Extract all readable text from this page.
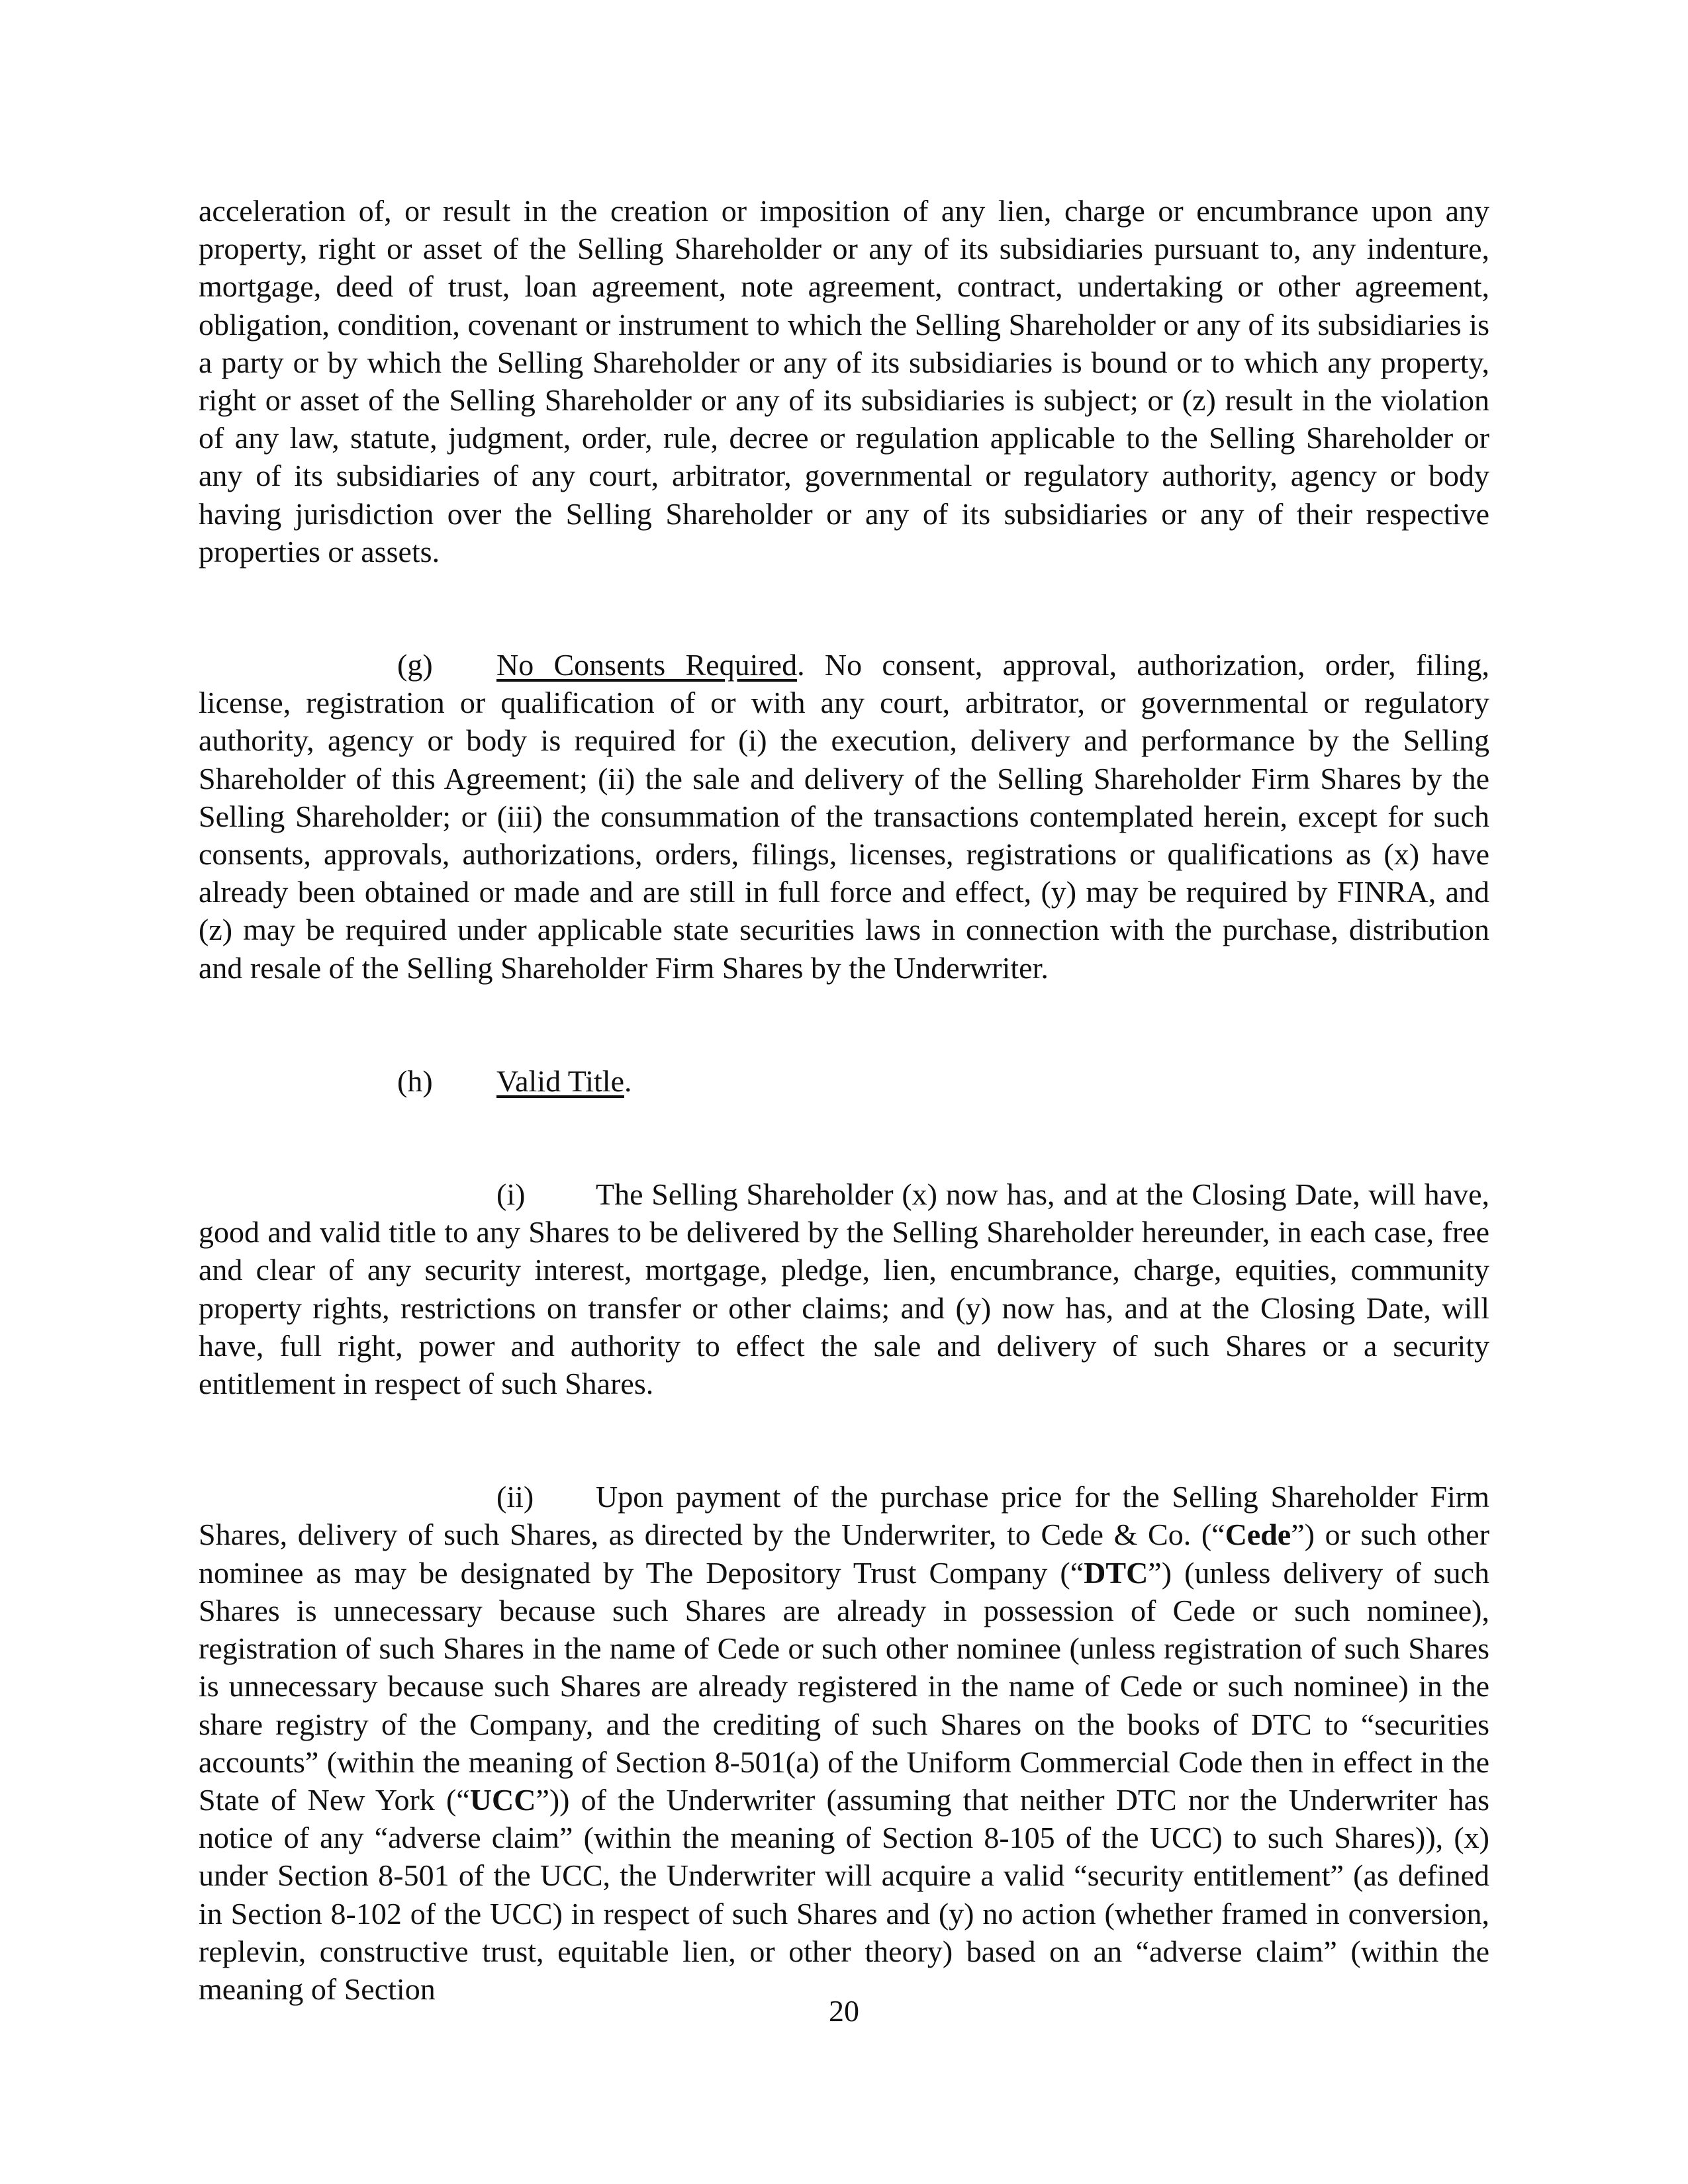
acceleration of, or result in the creation or imposition of any lien, charge or encumbrance upon any property, right or asset of the Selling Shareholder or any of its subsidiaries pursuant to, any indenture, mortgage, deed of trust, loan agreement, note agreement, contract, undertaking or other agreement, obligation, condition, covenant or instrument to which the Selling Shareholder or any of its subsidiaries is a party or by which the Selling Shareholder or any of its subsidiaries is bound or to which any property, right or asset of the Selling Shareholder or any of its subsidiaries is subject; or (z) result in the violation of any law, statute, judgment, order, rule, decree or regulation applicable to the Selling Shareholder or any of its subsidiaries of any court, arbitrator, governmental or regulatory authority, agency or body having jurisdiction over the Selling Shareholder or any of its subsidiaries or any of their respective properties or assets.

(g) No Consents Required. No consent, approval, authorization, order, filing, license, registration or qualification of or with any court, arbitrator, or governmental or regulatory authority, agency or body is required for (i) the execution, delivery and performance by the Selling Shareholder of this Agreement; (ii) the sale and delivery of the Selling Shareholder Firm Shares by the Selling Shareholder; or (iii) the consummation of the transactions contemplated herein, except for such consents, approvals, authorizations, orders, filings, licenses, registrations or qualifications as (x) have already been obtained or made and are still in full force and effect, (y) may be required by FINRA, and (z) may be required under applicable state securities laws in connection with the purchase, distribution and resale of the Selling Shareholder Firm Shares by the Underwriter.

(h) Valid Title.

(i) The Selling Shareholder (x) now has, and at the Closing Date, will have, good and valid title to any Shares to be delivered by the Selling Shareholder hereunder, in each case, free and clear of any security interest, mortgage, pledge, lien, encumbrance, charge, equities, community property rights, restrictions on transfer or other claims; and (y) now has, and at the Closing Date, will have, full right, power and authority to effect the sale and delivery of such Shares or a security entitlement in respect of such Shares.

(ii) Upon payment of the purchase price for the Selling Shareholder Firm Shares, delivery of such Shares, as directed by the Underwriter, to Cede & Co. (“Cede”) or such other nominee as may be designated by The Depository Trust Company (“DTC”) (unless delivery of such Shares is unnecessary because such Shares are already in possession of Cede or such nominee), registration of such Shares in the name of Cede or such other nominee (unless registration of such Shares is unnecessary because such Shares are already registered in the name of Cede or such nominee) in the share registry of the Company, and the crediting of such Shares on the books of DTC to “securities accounts” (within the meaning of Section 8-501(a) of the Uniform Commercial Code then in effect in the State of New York (“UCC”)) of the Underwriter (assuming that neither DTC nor the Underwriter has notice of any “adverse claim” (within the meaning of Section 8-105 of the UCC) to such Shares)), (x) under Section 8-501 of the UCC, the Underwriter will acquire a valid “security entitlement” (as defined in Section 8-102 of the UCC) in respect of such Shares and (y) no action (whether framed in conversion, replevin, constructive trust, equitable lien, or other theory) based on an “adverse claim” (within the meaning of Section

20
